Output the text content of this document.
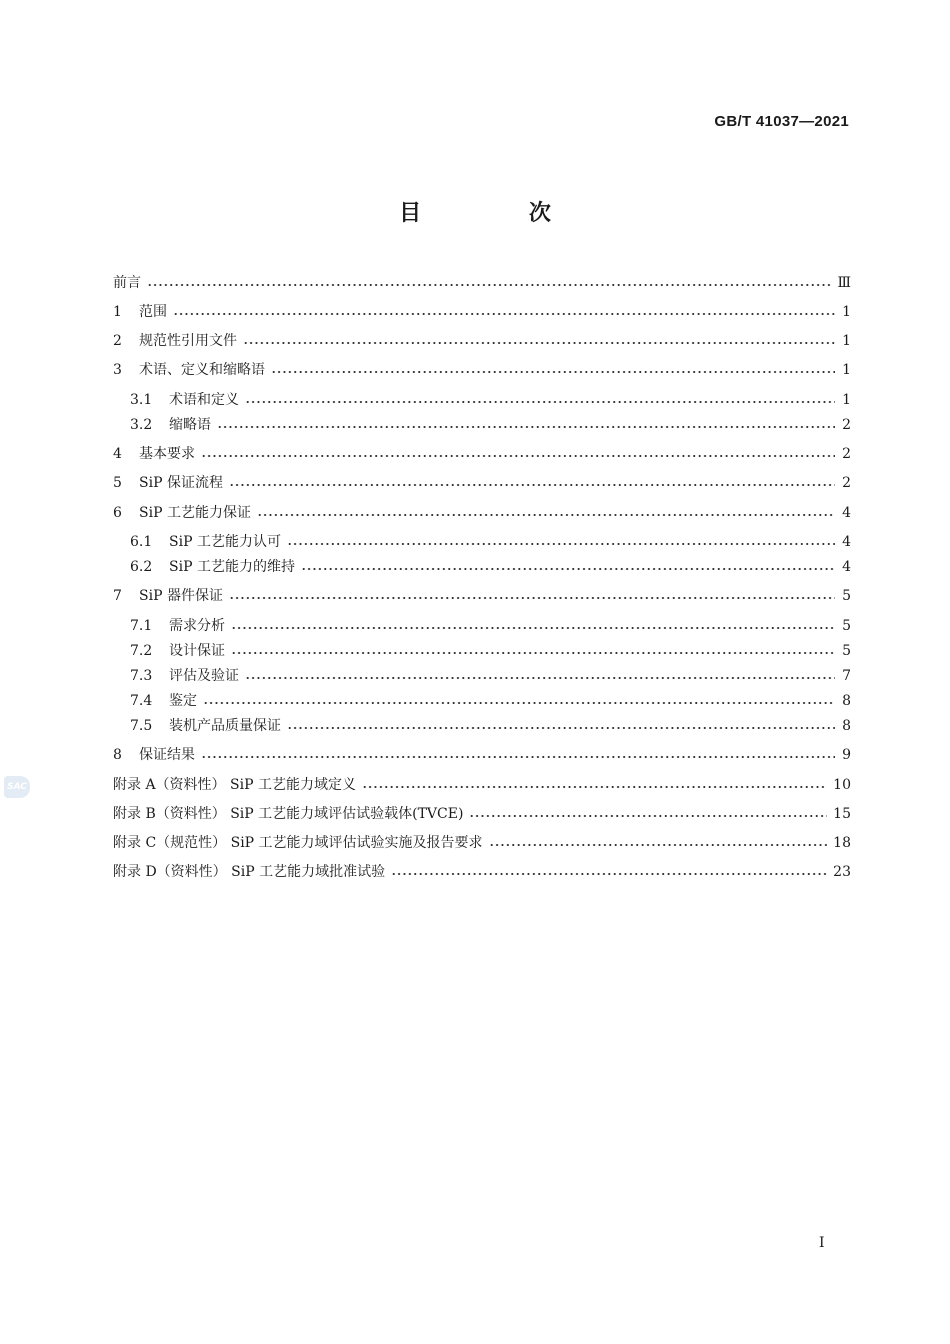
GB/T 41037—2021
目 次
前言	Ⅲ
1	范围	1
2	规范性引用文件	1
3	术语、定义和缩略语	1
3.1	术语和定义	1
3.2	缩略语	2
4	基本要求	2
5	SiP 保证流程	2
6	SiP 工艺能力保证	4
6.1	SiP 工艺能力认可	4
6.2	SiP 工艺能力的维持	4
7	SiP 器件保证	5
7.1	需求分析	5
7.2	设计保证	5
7.3	评估及验证	7
7.4	鉴定	8
7.5	装机产品质量保证	8
8	保证结果	9
附录 A（资料性） SiP 工艺能力域定义	10
附录 B（资料性） SiP 工艺能力域评估试验载体(TVCE)	15
附录 C（规范性） SiP 工艺能力域评估试验实施及报告要求	18
附录 D（资料性） SiP 工艺能力域批准试验	23
SAC
I
